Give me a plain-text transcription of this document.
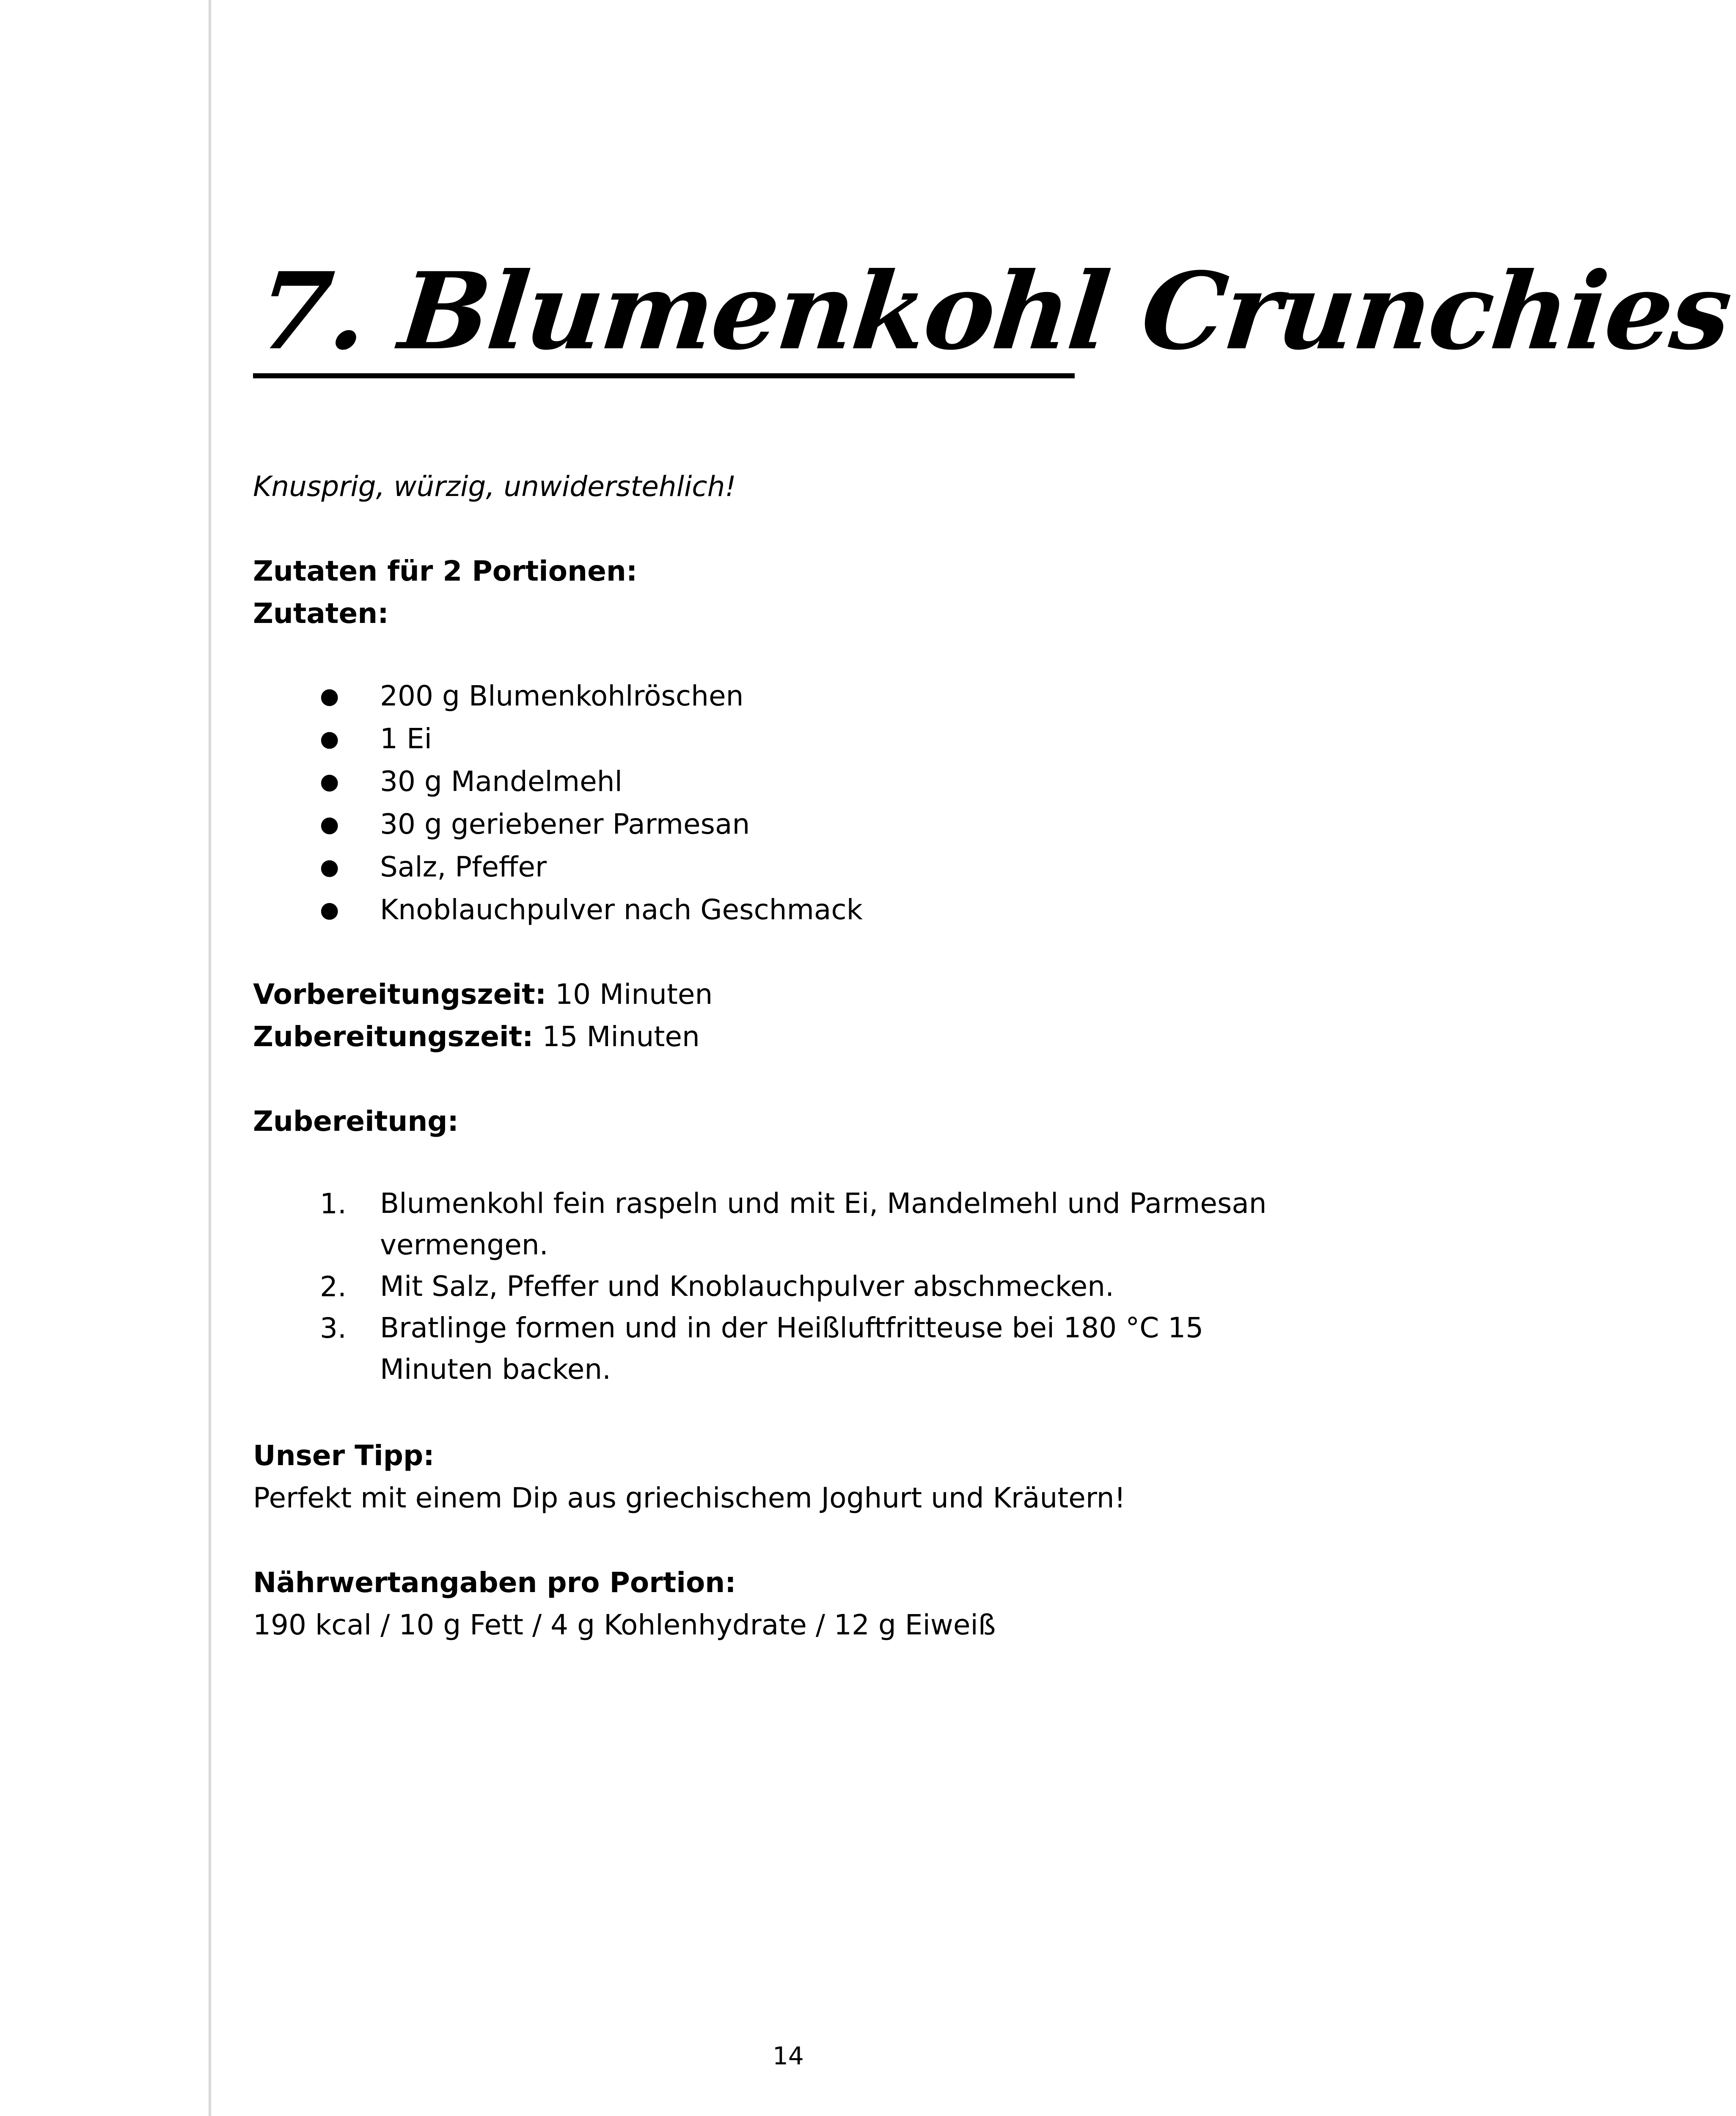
7. Blumenkohl Crunchies
Knusprig, würzig, unwiderstehlich!
Zutaten für 2 Portionen:
Zutaten:
● 200 g Blumenkohlröschen
● 1 Ei
● 30 g Mandelmehl
● 30 g geriebener Parmesan
● Salz, Pfeffer
● Knoblauchpulver nach Geschmack
Vorbereitungszeit: 10 Minuten
Zubereitungszeit: 15 Minuten
Zubereitung:
1. Blumenkohl fein raspeln und mit Ei, Mandelmehl und Parmesan vermengen.
2. Mit Salz, Pfeffer und Knoblauchpulver abschmecken.
3. Bratlinge formen und in der Heißluftfritteuse bei 180 °C 15 Minuten backen.
Unser Tipp:
Perfekt mit einem Dip aus griechischem Joghurt und Kräutern!
Nährwertangaben pro Portion:
190 kcal / 10 g Fett / 4 g Kohlenhydrate / 12 g Eiweiß
14
